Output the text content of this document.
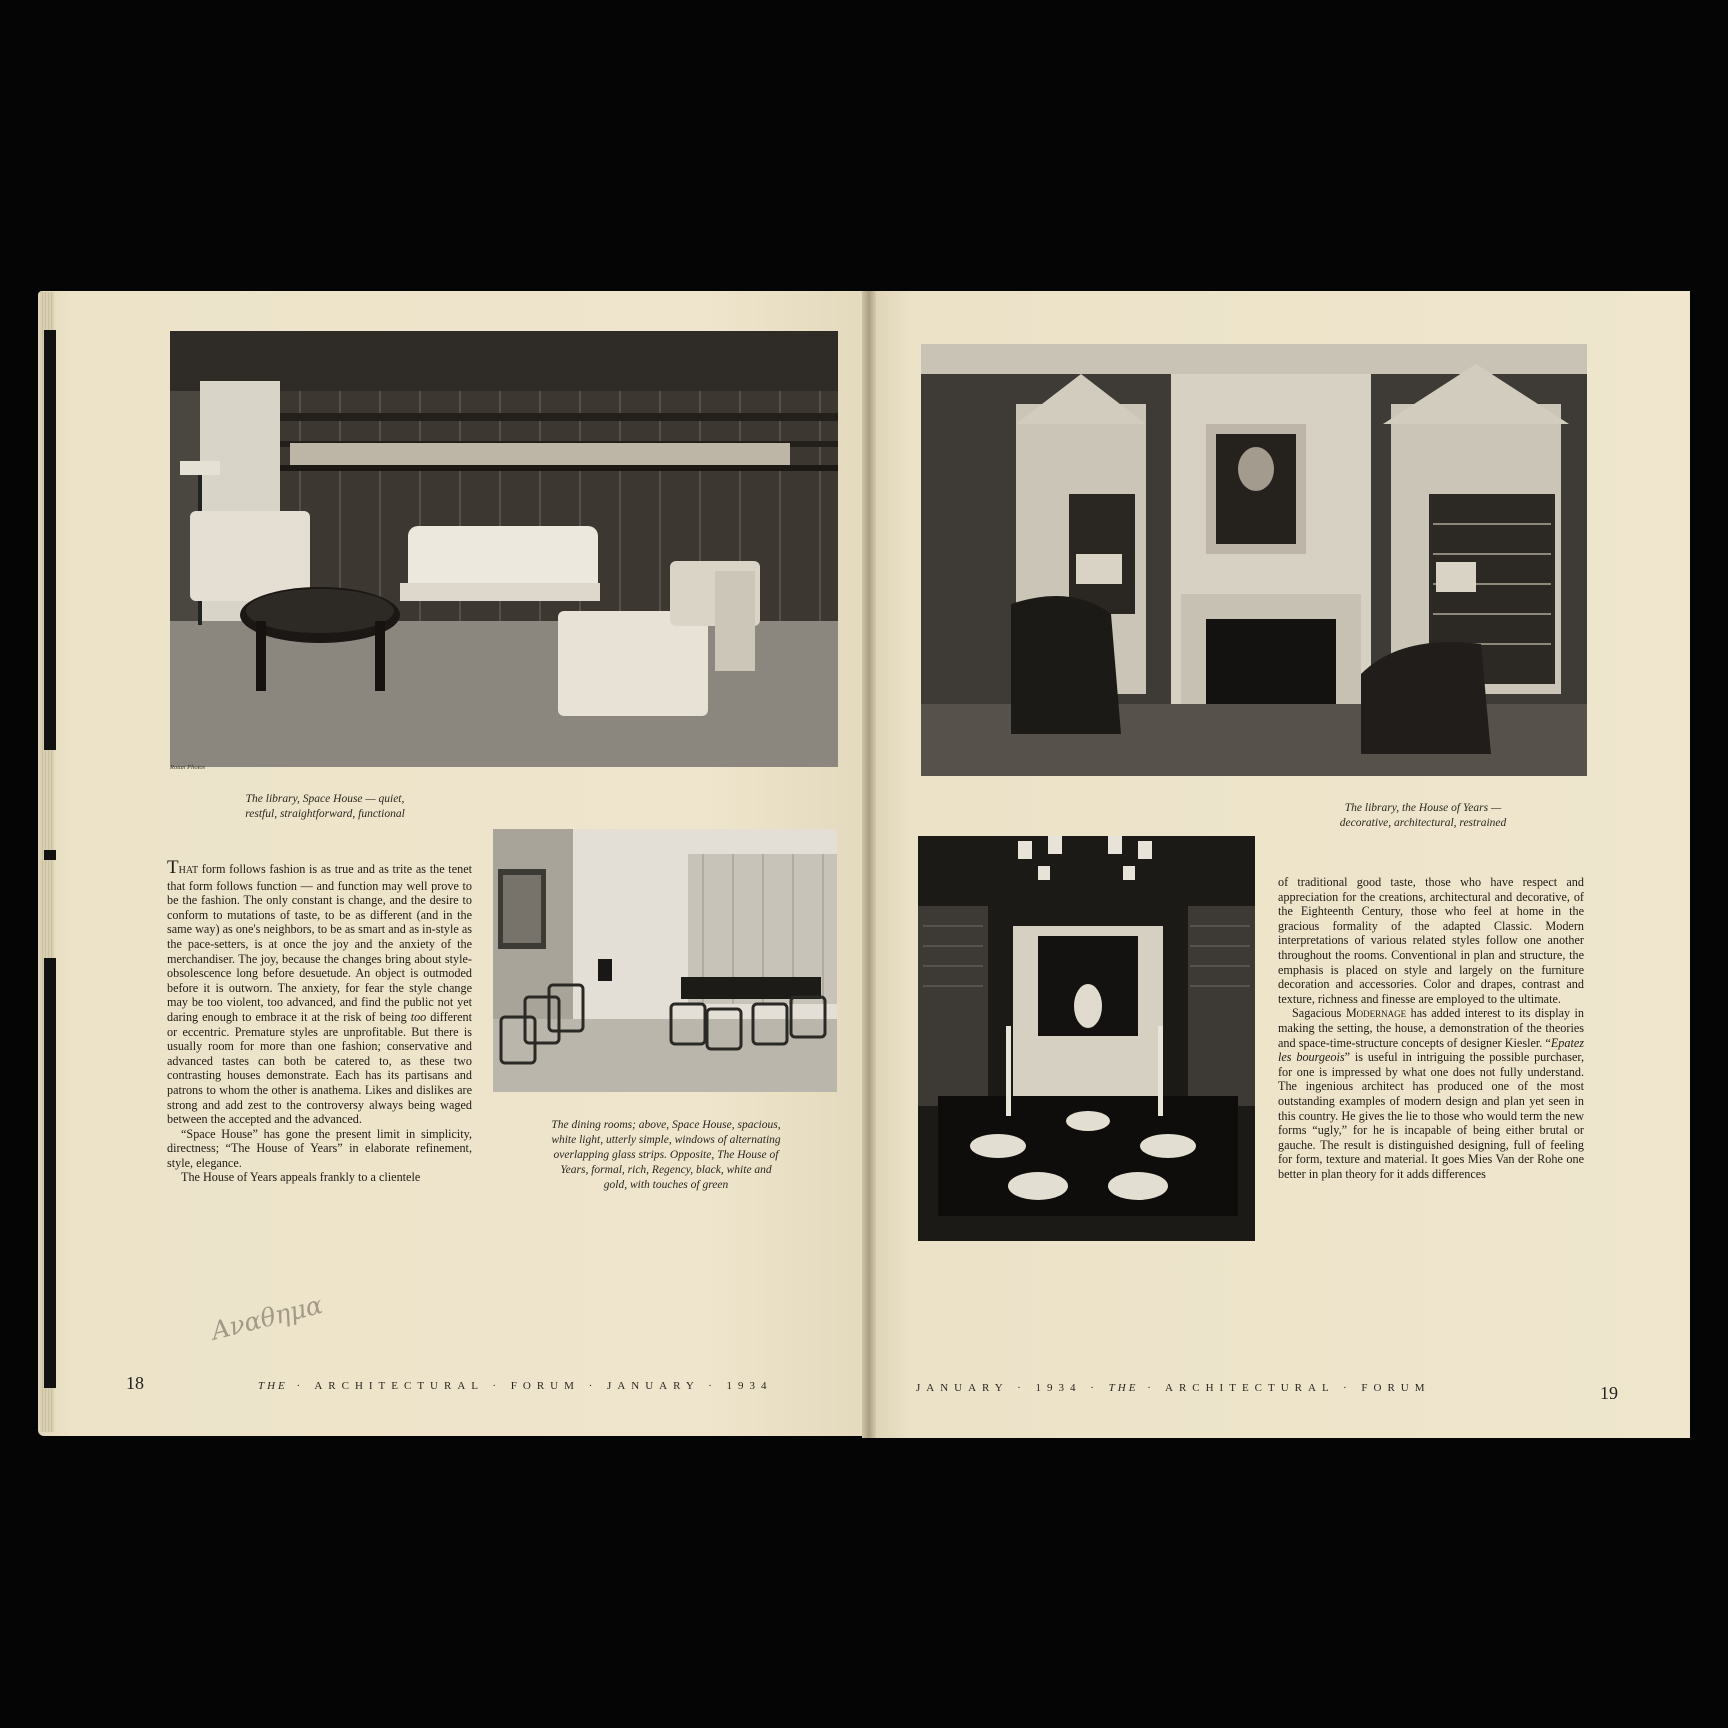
Rotan Photos
The library, Space House — quiet,
restful, straightforward, functional
The dining rooms; above, Space House, spacious,
white light, utterly simple, windows of alternating
overlapping glass strips. Opposite, The House of
Years, formal, rich, Regency, black, white and
gold, with touches of green

THAT form follows fashion is as true and as trite as the tenet that form follows function — and function may well prove to be the fashion. The only constant is change, and the desire to conform to mutations of taste, to be as different (and in the same way) as one's neighbors, to be as smart and as in-style as the pace-setters, is at once the joy and the anxiety of the merchandiser. The joy, because the changes bring about style-obsolescence long before desuetude. An object is outmoded before it is outworn. The anxiety, for fear the style change may be too violent, too advanced, and find the public not yet daring enough to embrace it at the risk of being too different or eccentric. Premature styles are unprofitable. But there is usually room for more than one fashion; conservative and advanced tastes can both be catered to, as these two contrasting houses demonstrate. Each has its partisans and patrons to whom the other is anathema. Likes and dislikes are strong and add zest to the controversy always being waged between the accepted and the advanced.

“Space House” has gone the present limit in simplicity, directness; “The House of Years” in elaborate refinement, style, elegance.

The House of Years appeals frankly to a clientele

Αναθημα
18	THE · ARCHITECTURAL · FORUM · JANUARY · 1934
The library, the House of Years —
decorative, architectural, restrained

of traditional good taste, those who have respect and appreciation for the creations, architectural and decorative, of the Eighteenth Century, those who feel at home in the gracious formality of the adapted Classic. Modern interpretations of various related styles follow one another throughout the rooms. Conventional in plan and structure, the emphasis is placed on style and largely on the furniture decoration and accessories. Color and drapes, contrast and texture, richness and finesse are employed to the ultimate.

Sagacious Modernage has added interest to its display in making the setting, the house, a demonstration of the theories and space-time-structure concepts of designer Kiesler. “Epatez les bourgeois” is useful in intriguing the possible purchaser, for one is impressed by what one does not fully understand. The ingenious architect has produced one of the most outstanding examples of modern design and plan yet seen in this country. He gives the lie to those who would term the new forms “ugly,” for he is incapable of being either brutal or gauche. The result is distinguished designing, full of feeling for form, texture and material. It goes Mies Van der Rohe one better in plan theory for it adds differences

JANUARY · 1934 · THE · ARCHITECTURAL · FORUM	19
